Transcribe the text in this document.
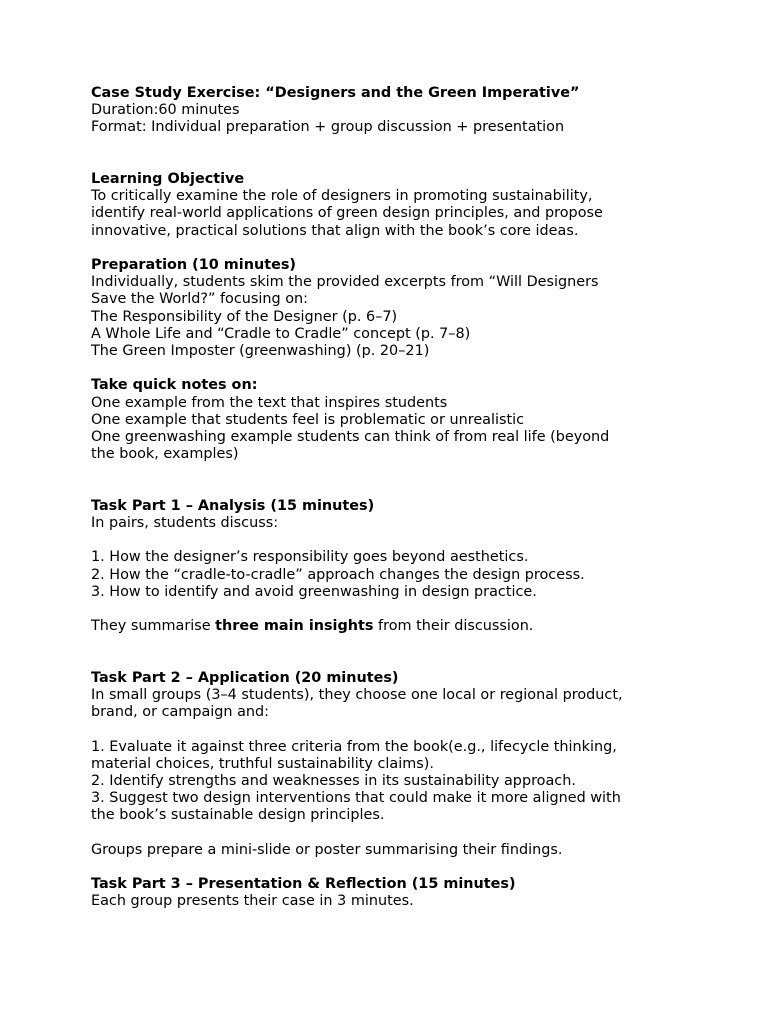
Case Study Exercise: “Designers and the Green Imperative”
Duration:60 minutes
Format: Individual preparation + group discussion + presentation
Learning Objective
To critically examine the role of designers in promoting sustainability,
identify real-world applications of green design principles, and propose
innovative, practical solutions that align with the book’s core ideas.
Preparation (10 minutes)
Individually, students skim the provided excerpts from “Will Designers
Save the World?” focusing on:
The Responsibility of the Designer (p. 6–7)
A Whole Life and “Cradle to Cradle” concept (p. 7–8)
The Green Imposter (greenwashing) (p. 20–21)
Take quick notes on:
One example from the text that inspires students
One example that students feel is problematic or unrealistic
One greenwashing example students can think of from real life (beyond
the book, examples)
Task Part 1 – Analysis (15 minutes)
In pairs, students discuss:
1. How the designer’s responsibility goes beyond aesthetics.
2. How the “cradle-to-cradle” approach changes the design process.
3. How to identify and avoid greenwashing in design practice.
They summarise three main insights from their discussion.
Task Part 2 – Application (20 minutes)
In small groups (3–4 students), they choose one local or regional product,
brand, or campaign and:
1. Evaluate it against three criteria from the book(e.g., lifecycle thinking,
material choices, truthful sustainability claims).
2. Identify strengths and weaknesses in its sustainability approach.
3. Suggest two design interventions that could make it more aligned with
the book’s sustainable design principles.
Groups prepare a mini-slide or poster summarising their findings.
Task Part 3 – Presentation & Reflection (15 minutes)
Each group presents their case in 3 minutes.
